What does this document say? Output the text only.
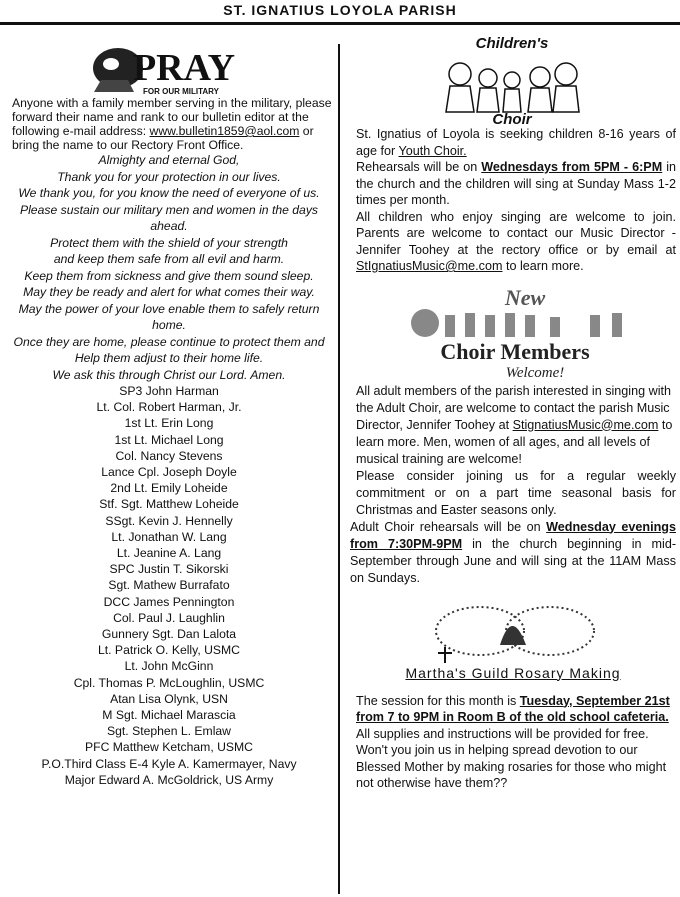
ST. IGNATIUS LOYOLA PARISH
PRAY
FOR OUR MILITARY

Anyone with a family member serving in the military, please forward their name and rank to our bulletin editor at the following e-mail address: www.bulletin1859@aol.com or bring the name to our Rectory Front Office.

Almighty and eternal God,
Thank you for your protection in our lives.
We thank you, for you know the need of everyone of us.
Please sustain our military men and women in the days ahead.
Protect them with the shield of your strength
and keep them safe from all evil and harm.
Keep them from sickness and give them sound sleep.
May they be ready and alert for what comes their way.
May the power of your love enable them to safely return home.
Once they are home, please continue to protect them and
Help them adjust to their home life.
We ask this through Christ our Lord. Amen.
SP3 John Harman
Lt. Col. Robert Harman, Jr.
1st Lt. Erin Long
1st Lt. Michael Long
Col. Nancy Stevens
Lance Cpl. Joseph Doyle
2nd Lt. Emily Loheide
Stf. Sgt. Matthew Loheide
SSgt. Kevin J. Hennelly
Lt. Jonathan W. Lang
Lt. Jeanine A. Lang
SPC Justin T. Sikorski
Sgt. Mathew Burrafato
DCC James Pennington
Col. Paul J. Laughlin
Gunnery Sgt. Dan Lalota
Lt. Patrick O. Kelly, USMC
Lt. John McGinn
Cpl. Thomas P. McLoughlin, USMC
Atan Lisa Olynk, USN
M Sgt. Michael Marascia
Sgt. Stephen L. Emlaw
PFC Matthew Ketcham, USMC
P.O.Third Class E-4 Kyle A. Kamermayer, Navy
Major Edward A. McGoldrick, US Army
Children's
Choir

St. Ignatius of Loyola is seeking children 8-16 years of age for Youth Choir.

Rehearsals will be on Wednesdays from 5PM - 6:PM in the church and the children will sing at Sunday Mass 1-2 times per month.

All children who enjoy singing are welcome to join. Parents are welcome to contact our Music Director - Jennifer Toohey at the rectory office or by email at StIgnatiusMusic@me.com to learn more.

New
Choir Members
Welcome!

All adult members of the parish interested in singing with the Adult Choir, are welcome to contact the parish Music Director, Jennifer Toohey at StignatiusMusic@me.com to learn more. Men, women of all ages, and all levels of musical training are welcome!

Please consider joining us for a regular weekly commitment or on a part time seasonal basis for Christmas and Easter seasons only.

Adult Choir rehearsals will be on Wednesday evenings from 7:30PM-9PM in the church beginning in mid- September through June and will sing at the 11AM Mass on Sundays.

Martha's Guild Rosary Making

The session for this month is Tuesday, September 21st from 7 to 9PM in Room B of the old school cafeteria.

All supplies and instructions will be provided for free. Won't you join us in helping spread devotion to our Blessed Mother by making rosaries for those who might not otherwise have them??
